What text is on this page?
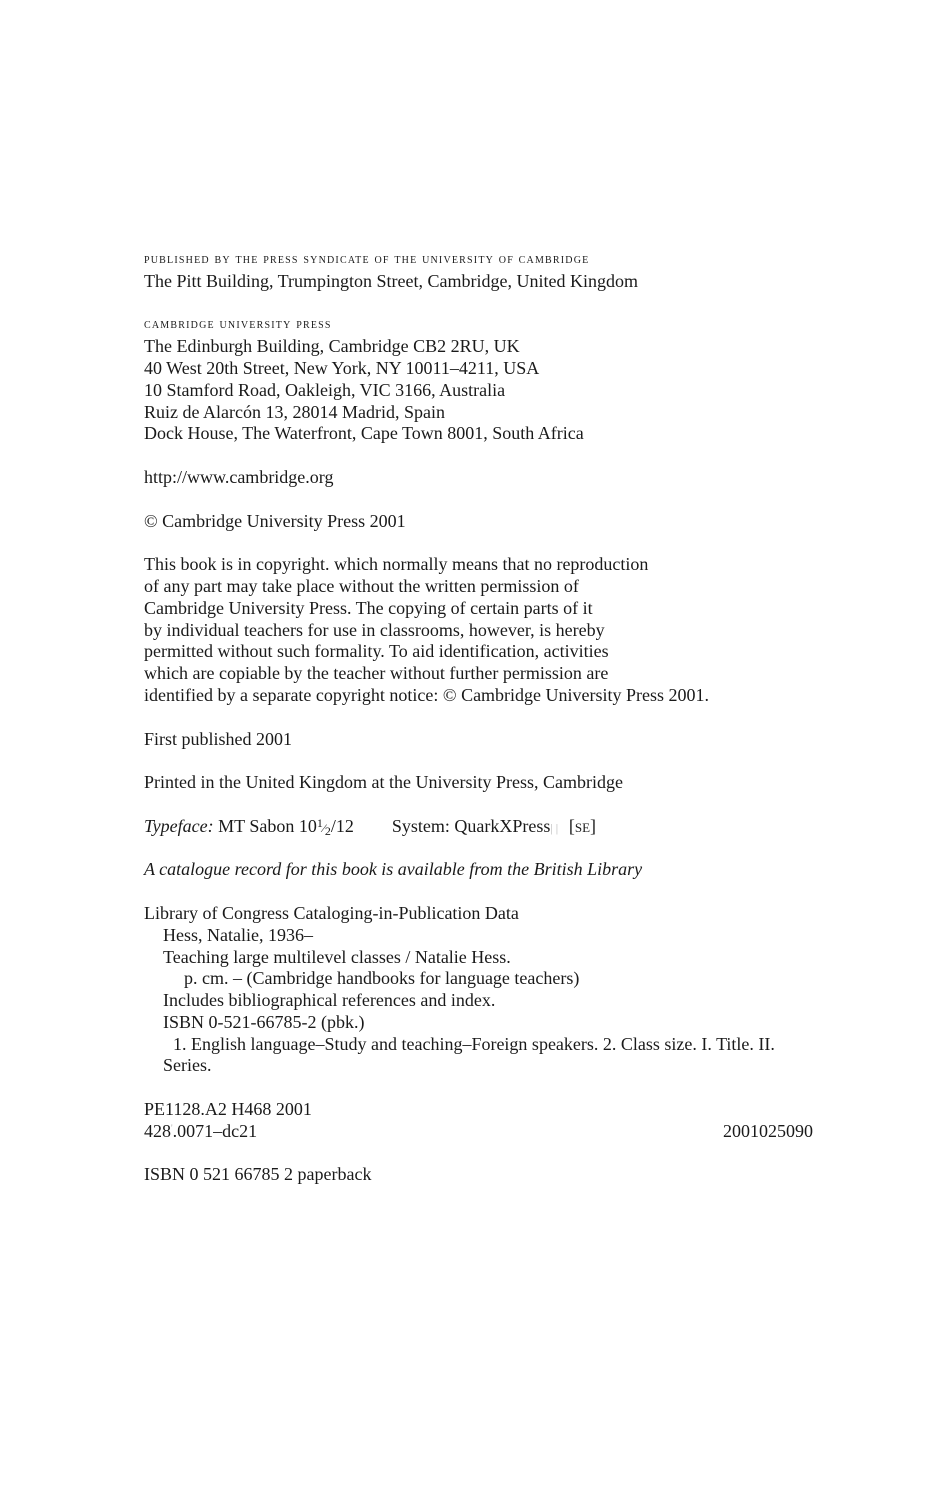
published by the press syndicate of the university of cambridge
The Pitt Building, Trumpington Street, Cambridge, United Kingdom
cambridge university press
The Edinburgh Building, Cambridge CB2 2RU, UK
40 West 20th Street, New York, NY 10011–4211, USA
10 Stamford Road, Oakleigh, VIC 3166, Australia
Ruiz de Alarcón 13, 28014 Madrid, Spain
Dock House, The Waterfront, Cape Town 8001, South Africa
http://www.cambridge.org
© Cambridge University Press 2001
This book is in copyright. which normally means that no reproduction
of any part may take place without the written permission of
Cambridge University Press. The copying of certain parts of it
by individual teachers for use in classrooms, however, is hereby
permitted without such formality. To aid identification, activities
which are copiable by the teacher without further permission are
identified by a separate copyright notice: © Cambridge University Press 2001.
First published 2001
Printed in the United Kingdom at the University Press, Cambridge
Typeface: MT Sabon 10$^1$⁄2/12 System: QuarkXPress| | [se]
A catalogue record for this book is available from the British Library
Library of Congress Cataloging-in-Publication Data
Hess, Natalie, 1936–
Teaching large multilevel classes / Natalie Hess.
p. cm. – (Cambridge handbooks for language teachers)
Includes bibliographical references and index.
ISBN 0-521-66785-2 (pbk.)
1. English language–Study and teaching–Foreign speakers. 2. Class size. I. Title. II.
Series.
PE1128.A2 H468 2001
428'.0071–dc21	2001025090
ISBN 0 521 66785 2 paperback
